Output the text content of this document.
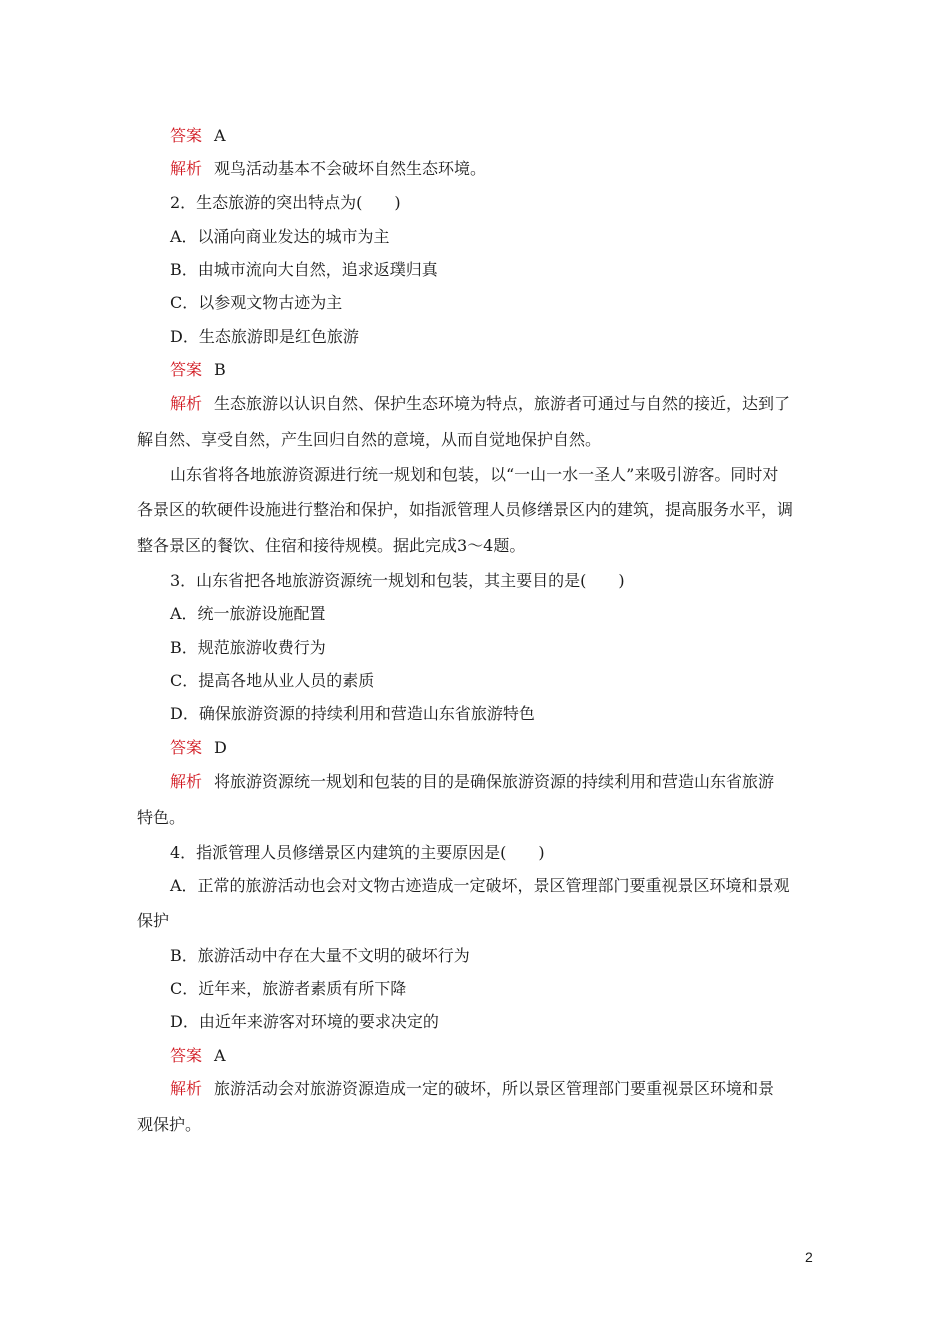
答案 A
解析 观鸟活动基本不会破坏自然生态环境。
2．生态旅游的突出特点为(　　)
A．以涌向商业发达的城市为主
B．由城市流向大自然，追求返璞归真
C．以参观文物古迹为主
D．生态旅游即是红色旅游
答案 B
解析 生态旅游以认识自然、保护生态环境为特点，旅游者可通过与自然的接近，达到了
解自然、享受自然，产生回归自然的意境，从而自觉地保护自然。
山东省将各地旅游资源进行统一规划和包装，以“一山一水一圣人”来吸引游客。同时对
各景区的软硬件设施进行整治和保护，如指派管理人员修缮景区内的建筑，提高服务水平，调
整各景区的餐饮、住宿和接待规模。据此完成3～4题。
3．山东省把各地旅游资源统一规划和包装，其主要目的是(　　)
A．统一旅游设施配置
B．规范旅游收费行为
C．提高各地从业人员的素质
D．确保旅游资源的持续利用和营造山东省旅游特色
答案 D
解析 将旅游资源统一规划和包装的目的是确保旅游资源的持续利用和营造山东省旅游
特色。
4．指派管理人员修缮景区内建筑的主要原因是(　　)
A．正常的旅游活动也会对文物古迹造成一定破坏，景区管理部门要重视景区环境和景观
保护
B．旅游活动中存在大量不文明的破坏行为
C．近年来，旅游者素质有所下降
D．由近年来游客对环境的要求决定的
答案 A
解析 旅游活动会对旅游资源造成一定的破坏，所以景区管理部门要重视景区环境和景
观保护。
2
